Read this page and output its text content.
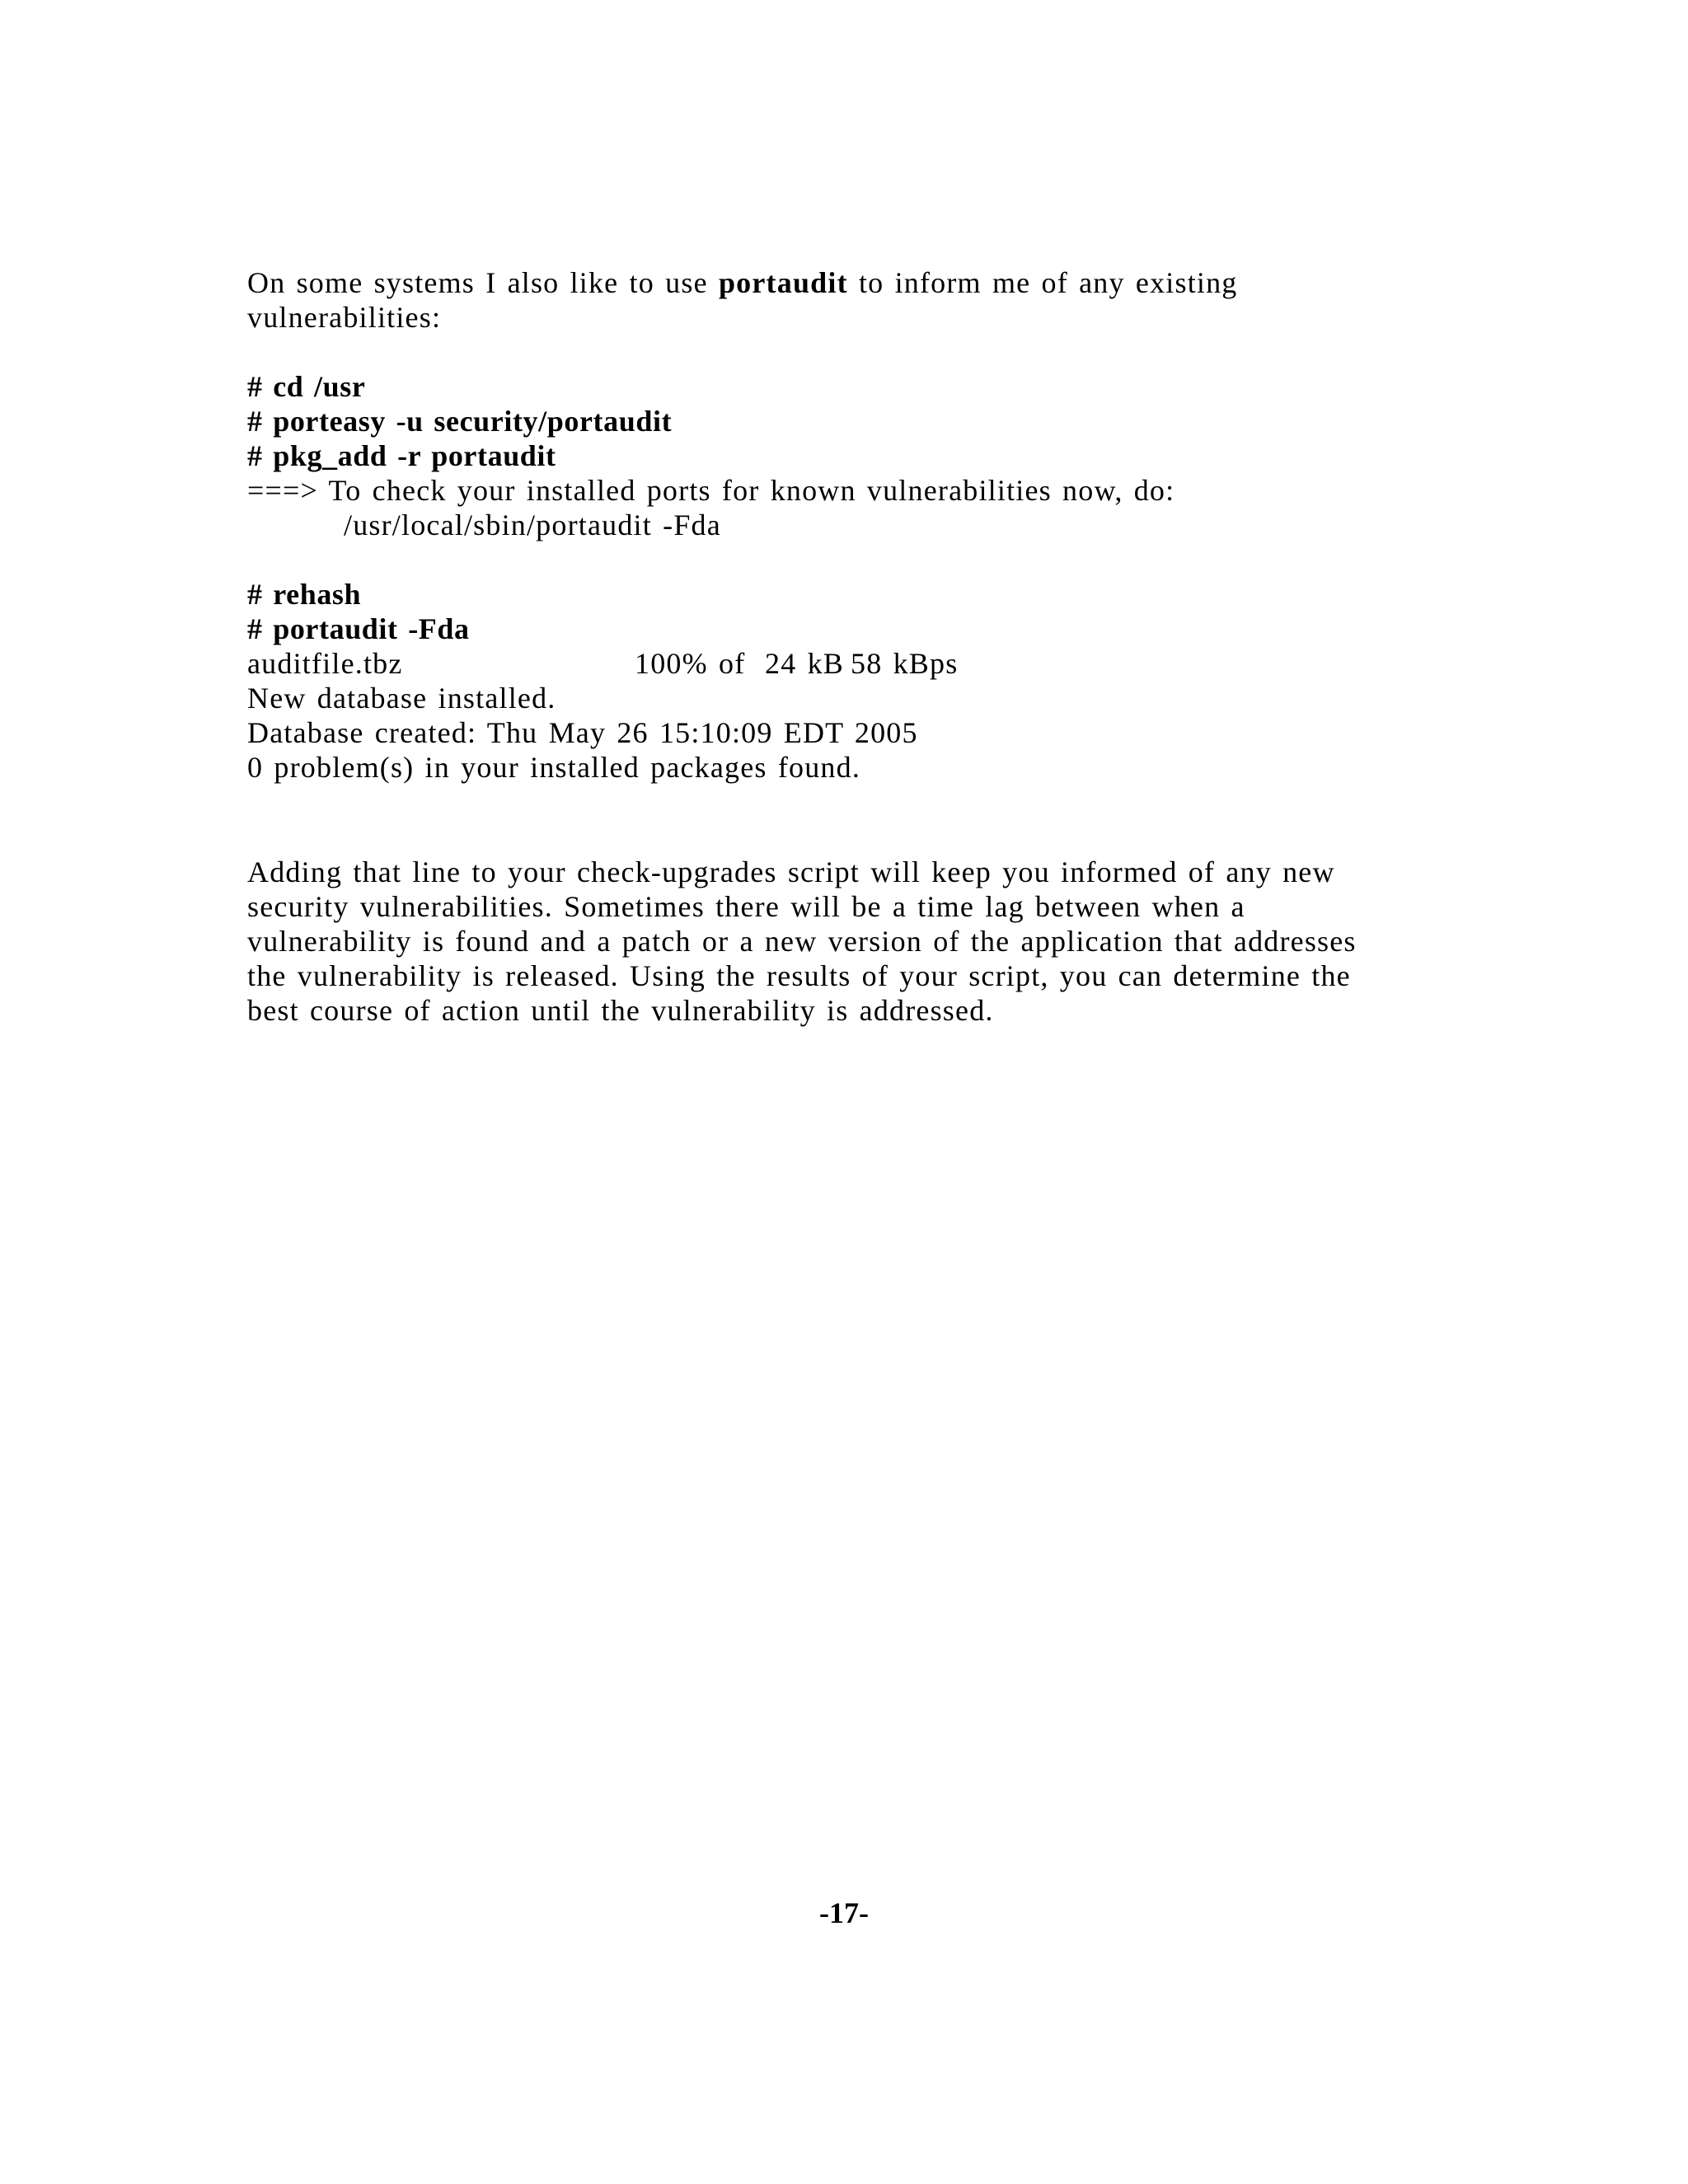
On some systems I also like to use portaudit to inform me of any existing
vulnerabilities:
# cd /usr
# porteasy -u security/portaudit
# pkg_add -r portaudit
===> To check your installed ports for known vulnerabilities now, do:
/usr/local/sbin/portaudit -Fda
# rehash
# portaudit -Fda
auditfile.tbz	100% of 24 kB 58 kBps
New database installed.
Database created: Thu May 26 15:10:09 EDT 2005
0 problem(s) in your installed packages found.
Adding that line to your check-upgrades script will keep you informed of any new
security vulnerabilities. Sometimes there will be a time lag between when a
vulnerability is found and a patch or a new version of the application that addresses
the vulnerability is released. Using the results of your script, you can determine the
best course of action until the vulnerability is addressed.
-17-
